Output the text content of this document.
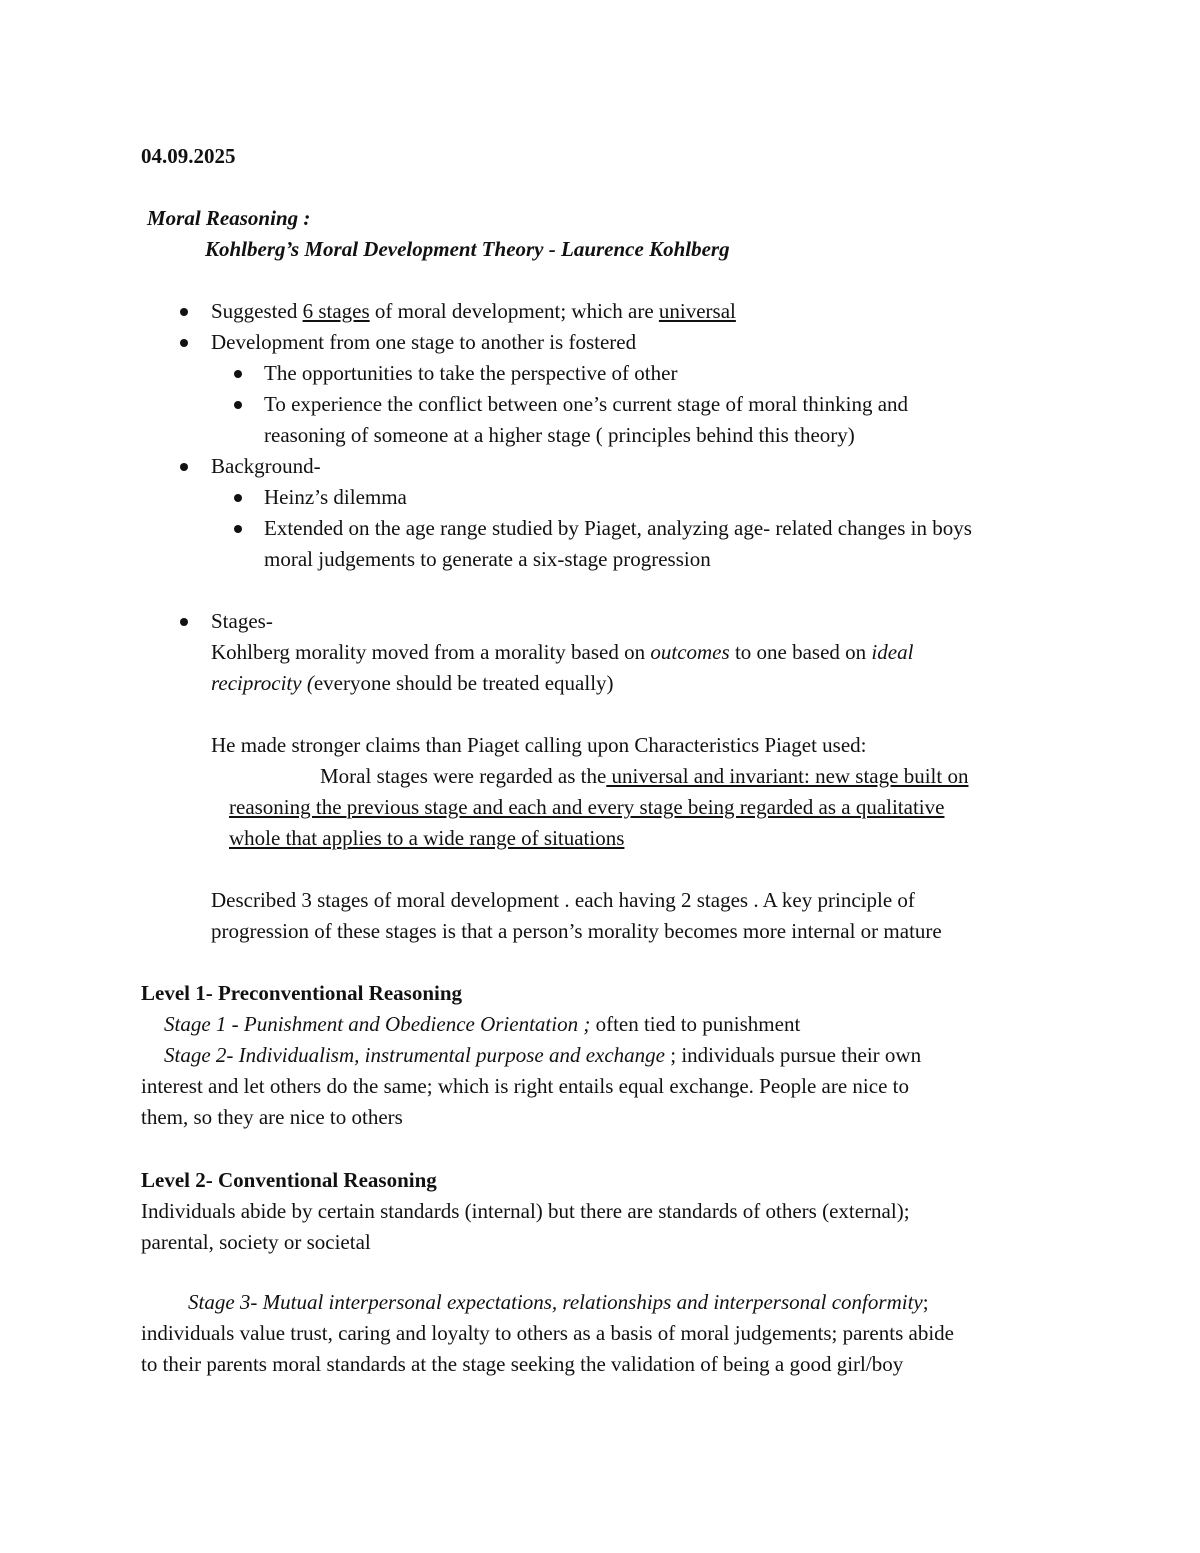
04.09.2025

Moral Reasoning :

Kohlberg’s Moral Development Theory - Laurence Kohlberg

Suggested 6 stages of moral development; which are universal

Development from one stage to another is fostered

The opportunities to take the perspective of other

To experience the conflict between one’s current stage of moral thinking and

reasoning of someone at a higher stage ( principles behind this theory)

Background-

Heinz’s dilemma

Extended on the age range studied by Piaget, analyzing age- related changes in boys

moral judgements to generate a six-stage progression

Stages-

Kohlberg morality moved from a morality based on outcomes to one based on ideal

reciprocity (everyone should be treated equally)

He made stronger claims than Piaget calling upon Characteristics Piaget used:

Moral stages were regarded as the universal and invariant: new stage built on

reasoning the previous stage and each and every stage being regarded as a qualitative

whole that applies to a wide range of situations

Described 3 stages of moral development . each having 2 stages . A key principle of

progression of these stages is that a person’s morality becomes more internal or mature

Level 1- Preconventional Reasoning

Stage 1 - Punishment and Obedience Orientation ; often tied to punishment

Stage 2- Individualism, instrumental purpose and exchange ; individuals pursue their own

interest and let others do the same; which is right entails equal exchange. People are nice to

them, so they are nice to others

Level 2- Conventional Reasoning

Individuals abide by certain standards (internal) but there are standards of others (external);

parental, society or societal

Stage 3- Mutual interpersonal expectations, relationships and interpersonal conformity;

individuals value trust, caring and loyalty to others as a basis of moral judgements; parents abide

to their parents moral standards at the stage seeking the validation of being a good girl/boy
